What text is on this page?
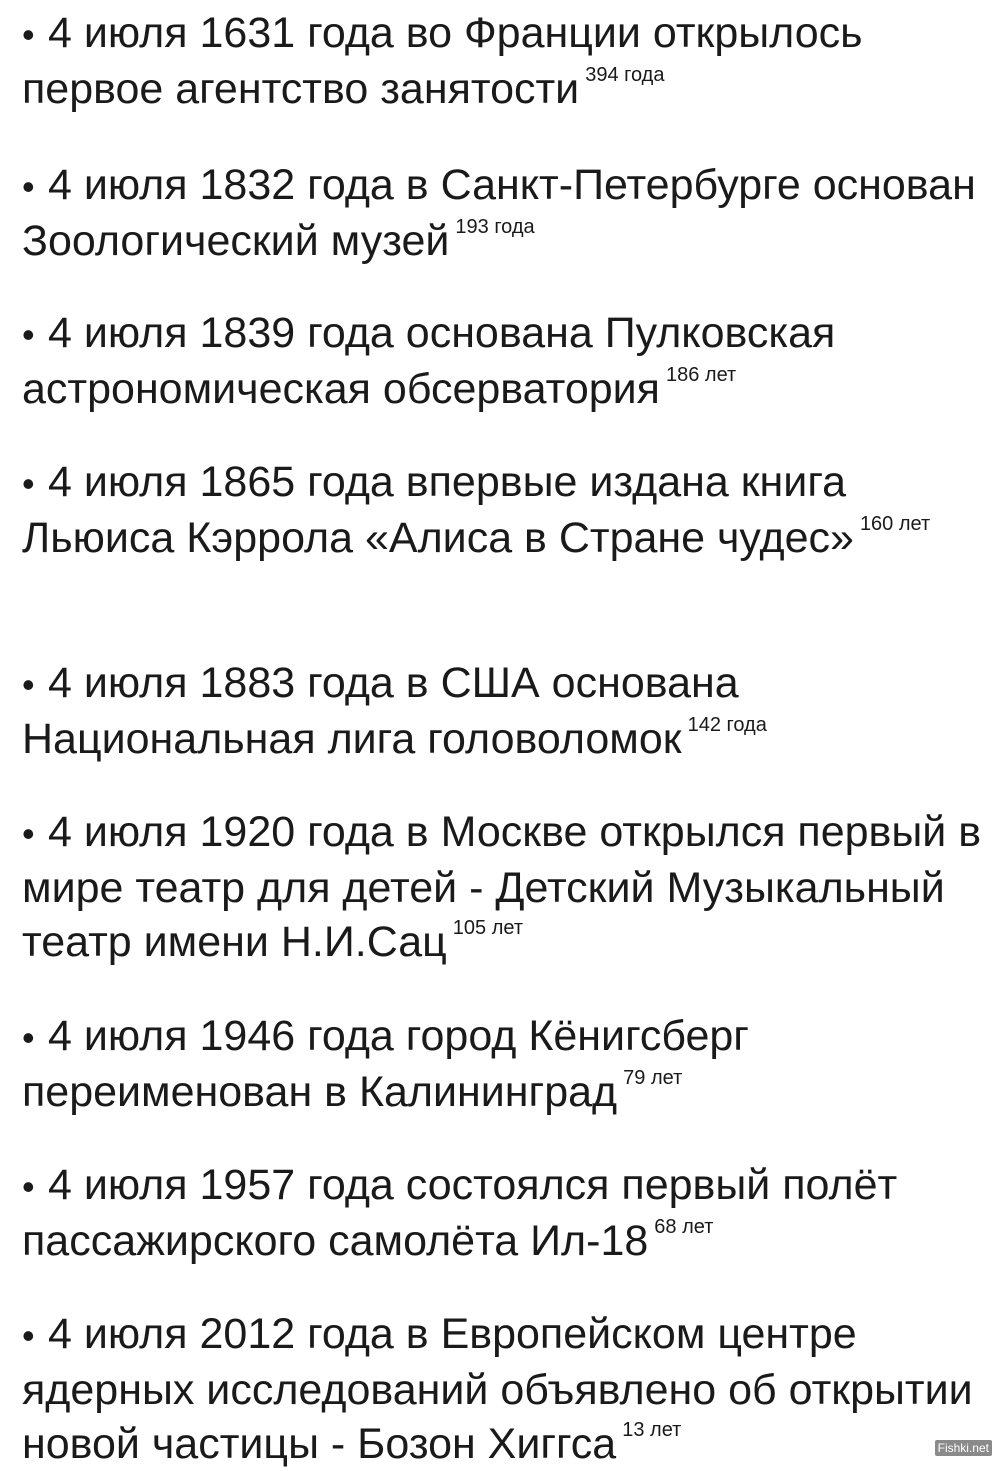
• 4 июля 1631 года во Франции открылось первое агентство занятости $^{394 года}$
• 4 июля 1832 года в Санкт-Петербурге основан Зоологический музей $^{193 года}$
• 4 июля 1839 года основана Пулковская астрономическая обсерватория $^{186 лет}$
• 4 июля 1865 года впервые издана книга Льюиса Кэррола «Алиса в Стране чудес» $^{160 лет}$
• 4 июля 1883 года в США основана Национальная лига головоломок $^{142 года}$
• 4 июля 1920 года в Москве открылся первый в мире театр для детей - Детский Музыкальный театр имени Н.И.Сац $^{105 лет}$
• 4 июля 1946 года город Кёнигсберг переименован в Калининград $^{79 лет}$
• 4 июля 1957 года состоялся первый полёт пассажирского самолёта Ил-18 $^{68 лет}$
• 4 июля 2012 года в Европейском центре ядерных исследований объявлено об открытии новой частицы - Бозон Хиггса $^{13 лет}$
Fishki.net
